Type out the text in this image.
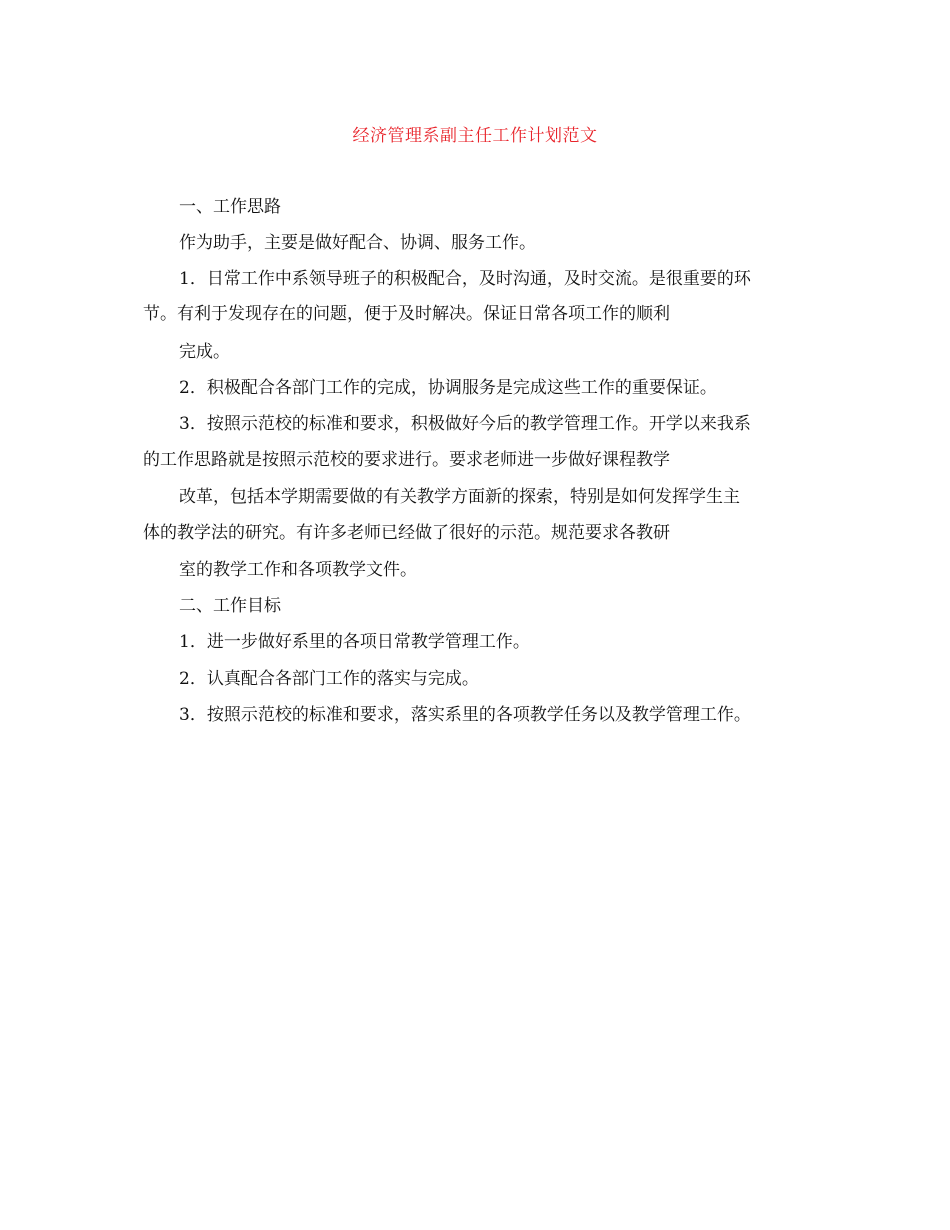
经济管理系副主任工作计划范文
一、工作思路
作为助手，主要是做好配合、协调、服务工作。
1．日常工作中系领导班子的积极配合，及时沟通，及时交流。是很重要的环
节。有利于发现存在的问题，便于及时解决。保证日常各项工作的顺利
完成。
2．积极配合各部门工作的完成，协调服务是完成这些工作的重要保证。
3．按照示范校的标准和要求，积极做好今后的教学管理工作。开学以来我系
的工作思路就是按照示范校的要求进行。要求老师进一步做好课程教学
改革，包括本学期需要做的有关教学方面新的探索，特别是如何发挥学生主
体的教学法的研究。有许多老师已经做了很好的示范。规范要求各教研
室的教学工作和各项教学文件。
二、工作目标
1．进一步做好系里的各项日常教学管理工作。
2．认真配合各部门工作的落实与完成。
3．按照示范校的标准和要求，落实系里的各项教学任务以及教学管理工作。
